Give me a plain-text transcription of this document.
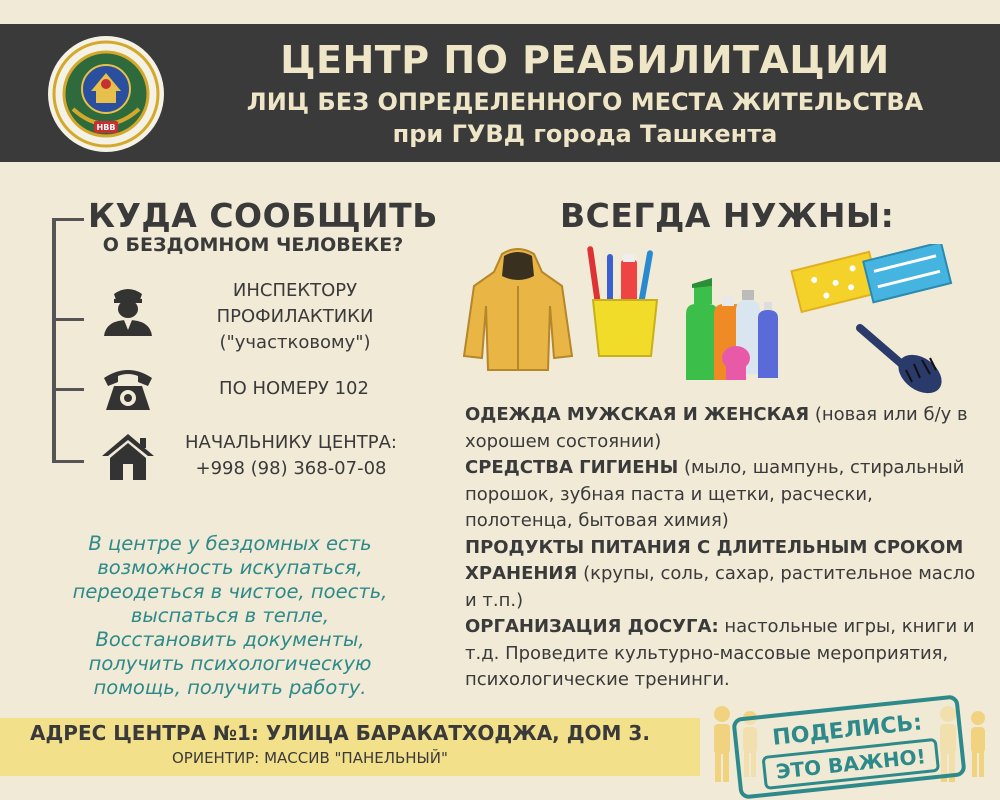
НВВ
ЦЕНТР ПО РЕАБИЛИТАЦИИ
ЛИЦ БЕЗ ОПРЕДЕЛЕННОГО МЕСТА ЖИТЕЛЬСТВА
при ГУВД города Ташкента
КУДА СООБЩИТЬ
О БЕЗДОМНОМ ЧЕЛОВЕКЕ?
ИНСПЕКТОРУ
ПРОФИЛАКТИКИ
("участковому")
ПО НОМЕРУ 102
НАЧАЛЬНИКУ ЦЕНТРА:
+998 (98) 368-07-08
В центре у бездомных есть
возможность искупаться,
переодеться в чистое, поесть,
выспаться в тепле,
Восстановить документы,
получить психологическую
помощь, получить работу.
ВСЕГДА НУЖНЫ:
ОДЕЖДА МУЖСКАЯ И ЖЕНСКАЯ (новая или б/у в хорошем состоянии)
СРЕДСТВА ГИГИЕНЫ (мыло, шампунь, стиральный порошок, зубная паста и щетки, расчески, полотенца, бытовая химия)
ПРОДУКТЫ ПИТАНИЯ С ДЛИТЕЛЬНЫМ СРОКОМ ХРАНЕНИЯ (крупы, соль, сахар, растительное масло и т.п.)
ОРГАНИЗАЦИЯ ДОСУГА: настольные игры, книги и т.д. Проведите культурно-массовые мероприятия, психологические тренинги.
АДРЕС ЦЕНТРА №1: УЛИЦА БАРАКАТХОДЖА, ДОМ 3.
ОРИЕНТИР: МАССИВ "ПАНЕЛЬНЫЙ"
ПОДЕЛИСЬ:
ЭТО ВАЖНО!
